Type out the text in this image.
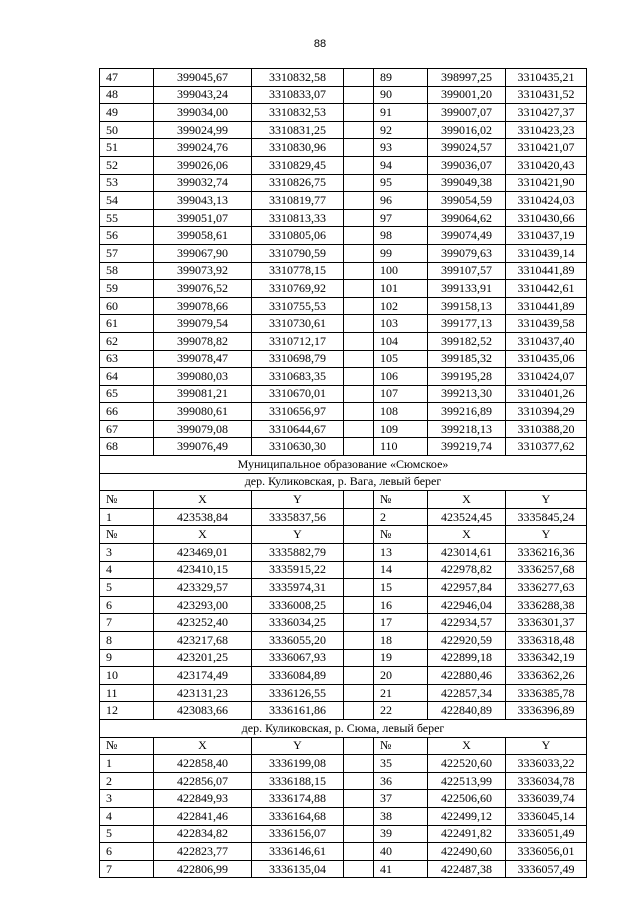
88
47	399045,67	3310832,58		89	398997,25	3310435,21
48	399043,24	3310833,07		90	399001,20	3310431,52
49	399034,00	3310832,53		91	399007,07	3310427,37
50	399024,99	3310831,25		92	399016,02	3310423,23
51	399024,76	3310830,96		93	399024,57	3310421,07
52	399026,06	3310829,45		94	399036,07	3310420,43
53	399032,74	3310826,75		95	399049,38	3310421,90
54	399043,13	3310819,77		96	399054,59	3310424,03
55	399051,07	3310813,33		97	399064,62	3310430,66
56	399058,61	3310805,06		98	399074,49	3310437,19
57	399067,90	3310790,59		99	399079,63	3310439,14
58	399073,92	3310778,15		100	399107,57	3310441,89
59	399076,52	3310769,92		101	399133,91	3310442,61
60	399078,66	3310755,53		102	399158,13	3310441,89
61	399079,54	3310730,61		103	399177,13	3310439,58
62	399078,82	3310712,17		104	399182,52	3310437,40
63	399078,47	3310698,79		105	399185,32	3310435,06
64	399080,03	3310683,35		106	399195,28	3310424,07
65	399081,21	3310670,01		107	399213,30	3310401,26
66	399080,61	3310656,97		108	399216,89	3310394,29
67	399079,08	3310644,67		109	399218,13	3310388,20
68	399076,49	3310630,30		110	399219,74	3310377,62
Муниципальное образование «Сюмское»						
дер. Куликовская, р. Вага, левый берег						
№	X	Y		№	X	Y
1	423538,84	3335837,56		2	423524,45	3335845,24
№	X	Y		№	X	Y
3	423469,01	3335882,79		13	423014,61	3336216,36
4	423410,15	3335915,22		14	422978,82	3336257,68
5	423329,57	3335974,31		15	422957,84	3336277,63
6	423293,00	3336008,25		16	422946,04	3336288,38
7	423252,40	3336034,25		17	422934,57	3336301,37
8	423217,68	3336055,20		18	422920,59	3336318,48
9	423201,25	3336067,93		19	422899,18	3336342,19
10	423174,49	3336084,89		20	422880,46	3336362,26
11	423131,23	3336126,55		21	422857,34	3336385,78
12	423083,66	3336161,86		22	422840,89	3336396,89
дер. Куликовская, р. Сюма, левый берег						
№	X	Y		№	X	Y
1	422858,40	3336199,08		35	422520,60	3336033,22
2	422856,07	3336188,15		36	422513,99	3336034,78
3	422849,93	3336174,88		37	422506,60	3336039,74
4	422841,46	3336164,68		38	422499,12	3336045,14
5	422834,82	3336156,07		39	422491,82	3336051,49
6	422823,77	3336146,61		40	422490,60	3336056,01
7	422806,99	3336135,04		41	422487,38	3336057,49
